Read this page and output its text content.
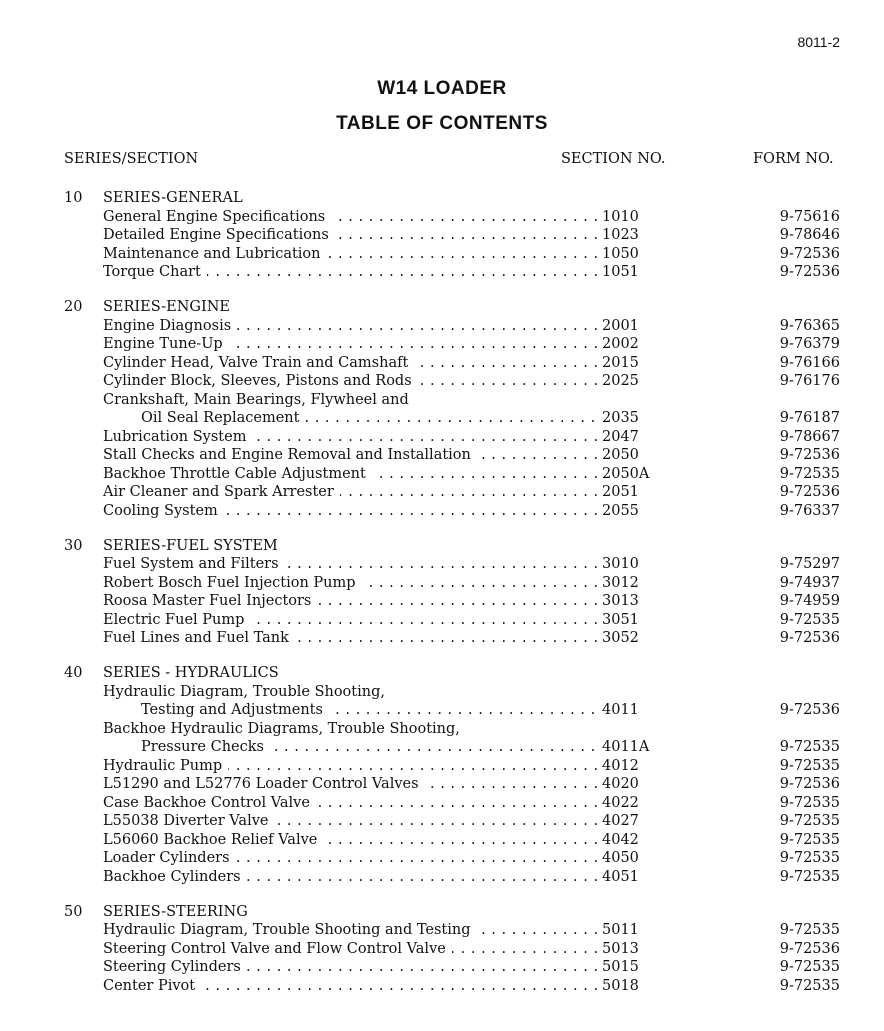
8011-2
W14 LOADER
TABLE OF CONTENTS
SERIES/SECTION	SECTION NO.	FORM NO.
10 SERIES-GENERAL
General Engine Specifications . . .	1010	9-75616
Detailed Engine Specifications . . .	1023	9-78646
Maintenance and Lubrication . . .	1050	9-72536
Torque Chart . . .	1051	9-72536
20 SERIES-ENGINE
Engine Diagnosis . . .	2001	9-76365
Engine Tune-Up . . .	2002	9-76379
Cylinder Head, Valve Train and Camshaft . . .	2015	9-76166
Cylinder Block, Sleeves, Pistons and Rods . . .	2025	9-76176
Crankshaft, Main Bearings, Flywheel and
Oil Seal Replacement . . .	2035	9-76187
Lubrication System . . .	2047	9-78667
Stall Checks and Engine Removal and Installation . . .	2050	9-72536
Backhoe Throttle Cable Adjustment . . .	2050A	9-72535
Air Cleaner and Spark Arrester . . .	2051	9-72536
Cooling System . . .	2055	9-76337
30 SERIES-FUEL SYSTEM
Fuel System and Filters . . .	3010	9-75297
Robert Bosch Fuel Injection Pump . . .	3012	9-74937
Roosa Master Fuel Injectors . . .	3013	9-74959
Electric Fuel Pump . . .	3051	9-72535
Fuel Lines and Fuel Tank . . .	3052	9-72536
40 SERIES - HYDRAULICS
Hydraulic Diagram, Trouble Shooting,
Testing and Adjustments . . .	4011	9-72536
Backhoe Hydraulic Diagrams, Trouble Shooting,
Pressure Checks . . .	4011A	9-72535
Hydraulic Pump . . .	4012	9-72535
L51290 and L52776 Loader Control Valves . . .	4020	9-72536
Case Backhoe Control Valve . . .	4022	9-72535
L55038 Diverter Valve . . .	4027	9-72535
L56060 Backhoe Relief Valve . . .	4042	9-72535
Loader Cylinders . . .	4050	9-72535
Backhoe Cylinders . . .	4051	9-72535
50 SERIES-STEERING
Hydraulic Diagram, Trouble Shooting and Testing . . .	5011	9-72535
Steering Control Valve and Flow Control Valve . . .	5013	9-72536
Steering Cylinders . . .	5015	9-72535
Center Pivot . . .	5018	9-72535
